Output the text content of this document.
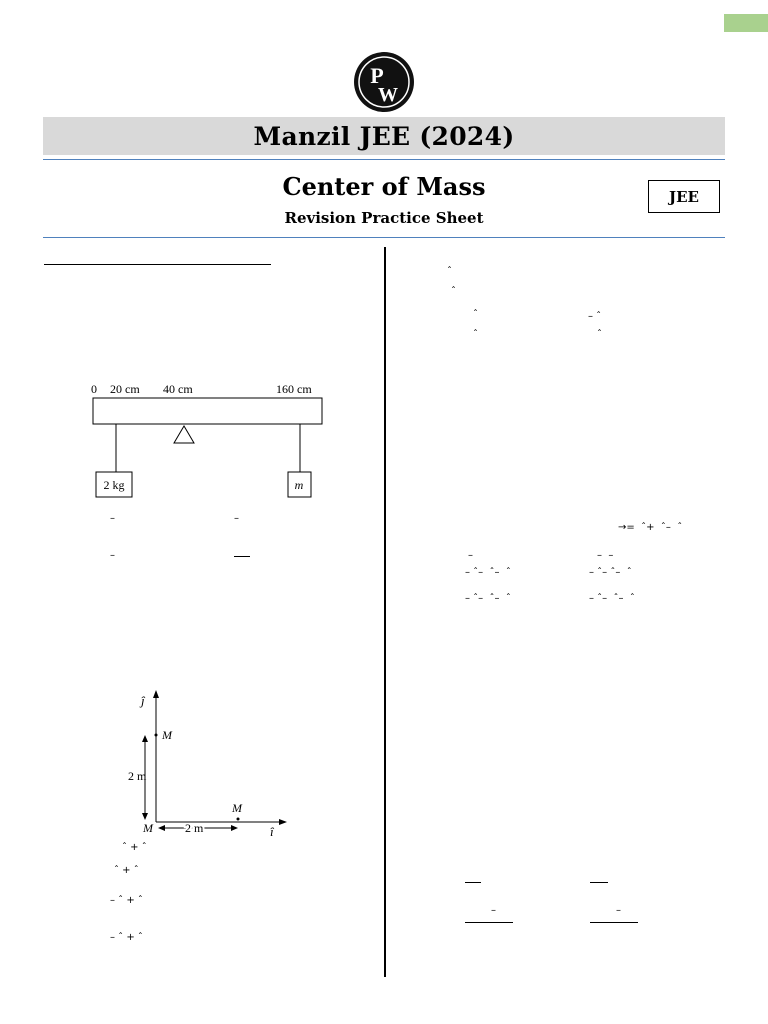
P
W
Manzil JEE (2024)
Center of Mass
Revision Practice Sheet
JEE
0 20 cm 40 cm	160 cm
2 kg	m
–	–
–
ĵ
î
M
2 m
M
M	2 m
ˆ + ˆ
ˆ + ˆ
– ˆ + ˆ
– ˆ + ˆ
ˆ
ˆ
ˆ
ˆ
– ˆ
ˆ
→=  ˆ+  ˆ–  ˆ
–
– ˆ–  ˆ–  ˆ
– ˆ–  ˆ–  ˆ
–  –
– ˆ– ˆ–  ˆ
– ˆ–  ˆ–  ˆ
–	–
